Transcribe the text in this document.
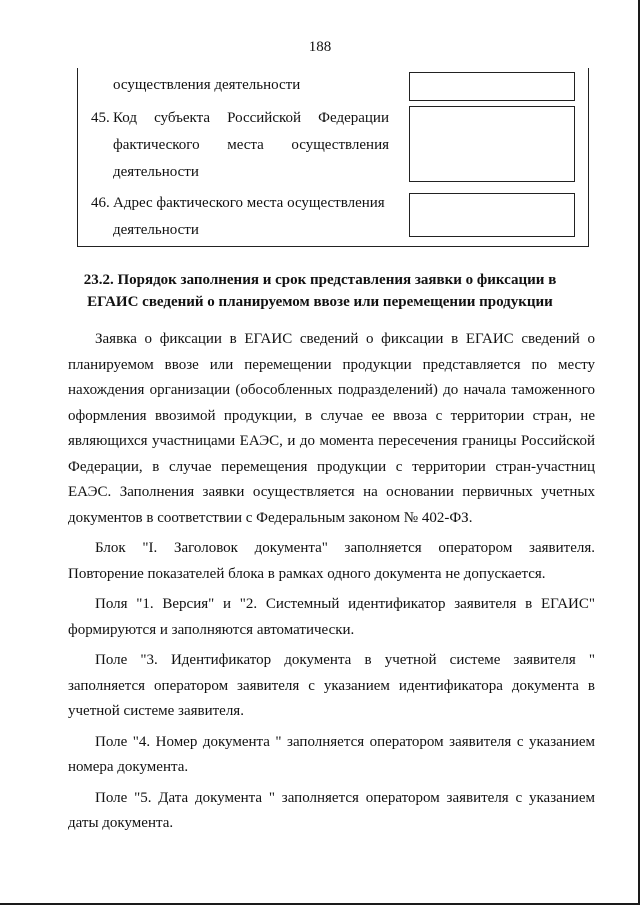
188
осуществления деятельности
45. Код субъекта Российской Федерации
фактического места осуществления
деятельности
46. Адрес фактического места осуществления
деятельности
23.2. Порядок заполнения и срок представления заявки о фиксации в
ЕГАИС сведений о планируемом ввозе или перемещении продукции

Заявка о фиксации в ЕГАИС сведений о фиксации в ЕГАИС сведений о планируемом ввозе или перемещении продукции представляется по месту нахождения организации (обособленных подразделений) до начала таможенного оформления ввозимой продукции, в случае ее ввоза с территории стран, не являющихся участницами ЕАЭС, и до момента пересечения границы Российской Федерации, в случае перемещения продукции с территории стран-участниц ЕАЭС. Заполнения заявки осуществляется на основании первичных учетных документов в соответствии с Федеральным законом № 402-ФЗ.

Блок "I. Заголовок документа" заполняется оператором заявителя. Повторение показателей блока в рамках одного документа не допускается.

Поля "1. Версия" и "2. Системный идентификатор заявителя в ЕГАИС" формируются и заполняются автоматически.

Поле "3. Идентификатор документа в учетной системе заявителя " заполняется оператором заявителя с указанием идентификатора документа в учетной системе заявителя.

Поле "4. Номер документа " заполняется оператором заявителя с указанием номера документа.

Поле "5. Дата документа " заполняется оператором заявителя с указанием даты документа.
